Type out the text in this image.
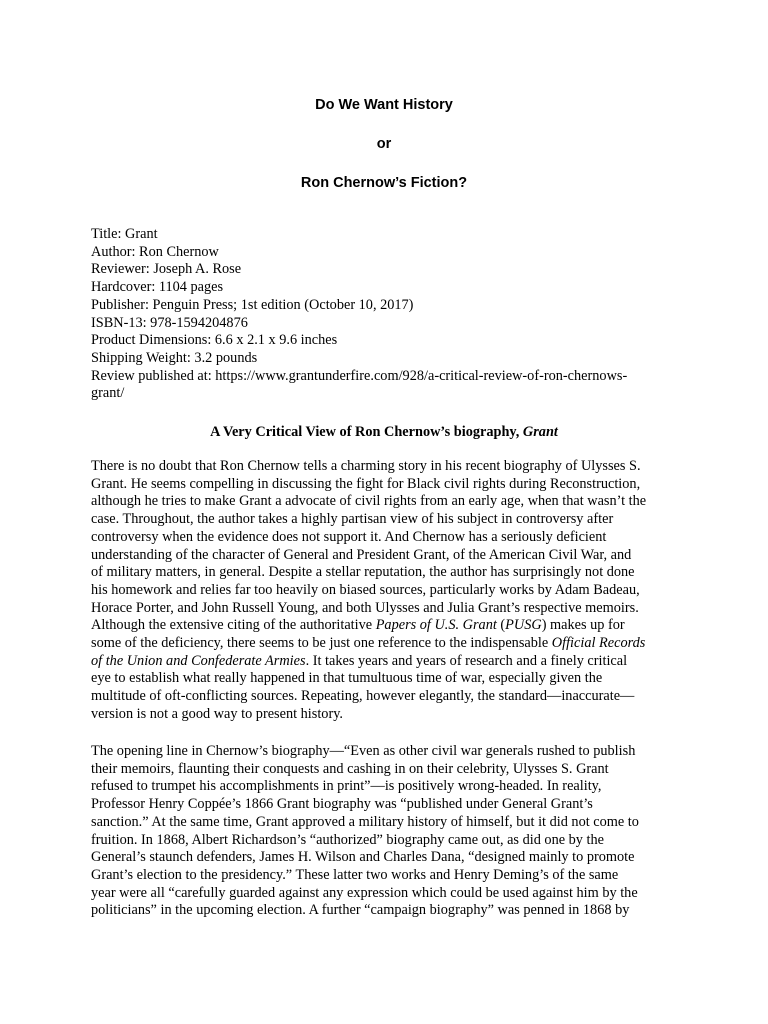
Do We Want History
or
Ron Chernow’s Fiction?
Title: Grant
Author: Ron Chernow
Reviewer: Joseph A. Rose
Hardcover: 1104 pages
Publisher: Penguin Press; 1st edition (October 10, 2017)
ISBN-13: 978-1594204876
Product Dimensions: 6.6 x 2.1 x 9.6 inches
Shipping Weight: 3.2 pounds
Review published at: https://www.grantunderfire.com/928/a-critical-review-of-ron-chernows-
grant/
A Very Critical View of Ron Chernow’s biography, Grant
There is no doubt that Ron Chernow tells a charming story in his recent biography of Ulysses S.
Grant. He seems compelling in discussing the fight for Black civil rights during Reconstruction,
although he tries to make Grant a advocate of civil rights from an early age, when that wasn’t the
case. Throughout, the author takes a highly partisan view of his subject in controversy after
controversy when the evidence does not support it. And Chernow has a seriously deficient
understanding of the character of General and President Grant, of the American Civil War, and
of military matters, in general. Despite a stellar reputation, the author has surprisingly not done
his homework and relies far too heavily on biased sources, particularly works by Adam Badeau,
Horace Porter, and John Russell Young, and both Ulysses and Julia Grant’s respective memoirs.
Although the extensive citing of the authoritative Papers of U.S. Grant (PUSG) makes up for
some of the deficiency, there seems to be just one reference to the indispensable Official Records
of the Union and Confederate Armies. It takes years and years of research and a finely critical
eye to establish what really happened in that tumultuous time of war, especially given the
multitude of oft-conflicting sources. Repeating, however elegantly, the standard—inaccurate—
version is not a good way to present history.
The opening line in Chernow’s biography—“Even as other civil war generals rushed to publish
their memoirs, flaunting their conquests and cashing in on their celebrity, Ulysses S. Grant
refused to trumpet his accomplishments in print”—is positively wrong-headed. In reality,
Professor Henry Coppée’s 1866 Grant biography was “published under General Grant’s
sanction.” At the same time, Grant approved a military history of himself, but it did not come to
fruition. In 1868, Albert Richardson’s “authorized” biography came out, as did one by the
General’s staunch defenders, James H. Wilson and Charles Dana, “designed mainly to promote
Grant’s election to the presidency.” These latter two works and Henry Deming’s of the same
year were all “carefully guarded against any expression which could be used against him by the
politicians” in the upcoming election. A further “campaign biography” was penned in 1868 by
